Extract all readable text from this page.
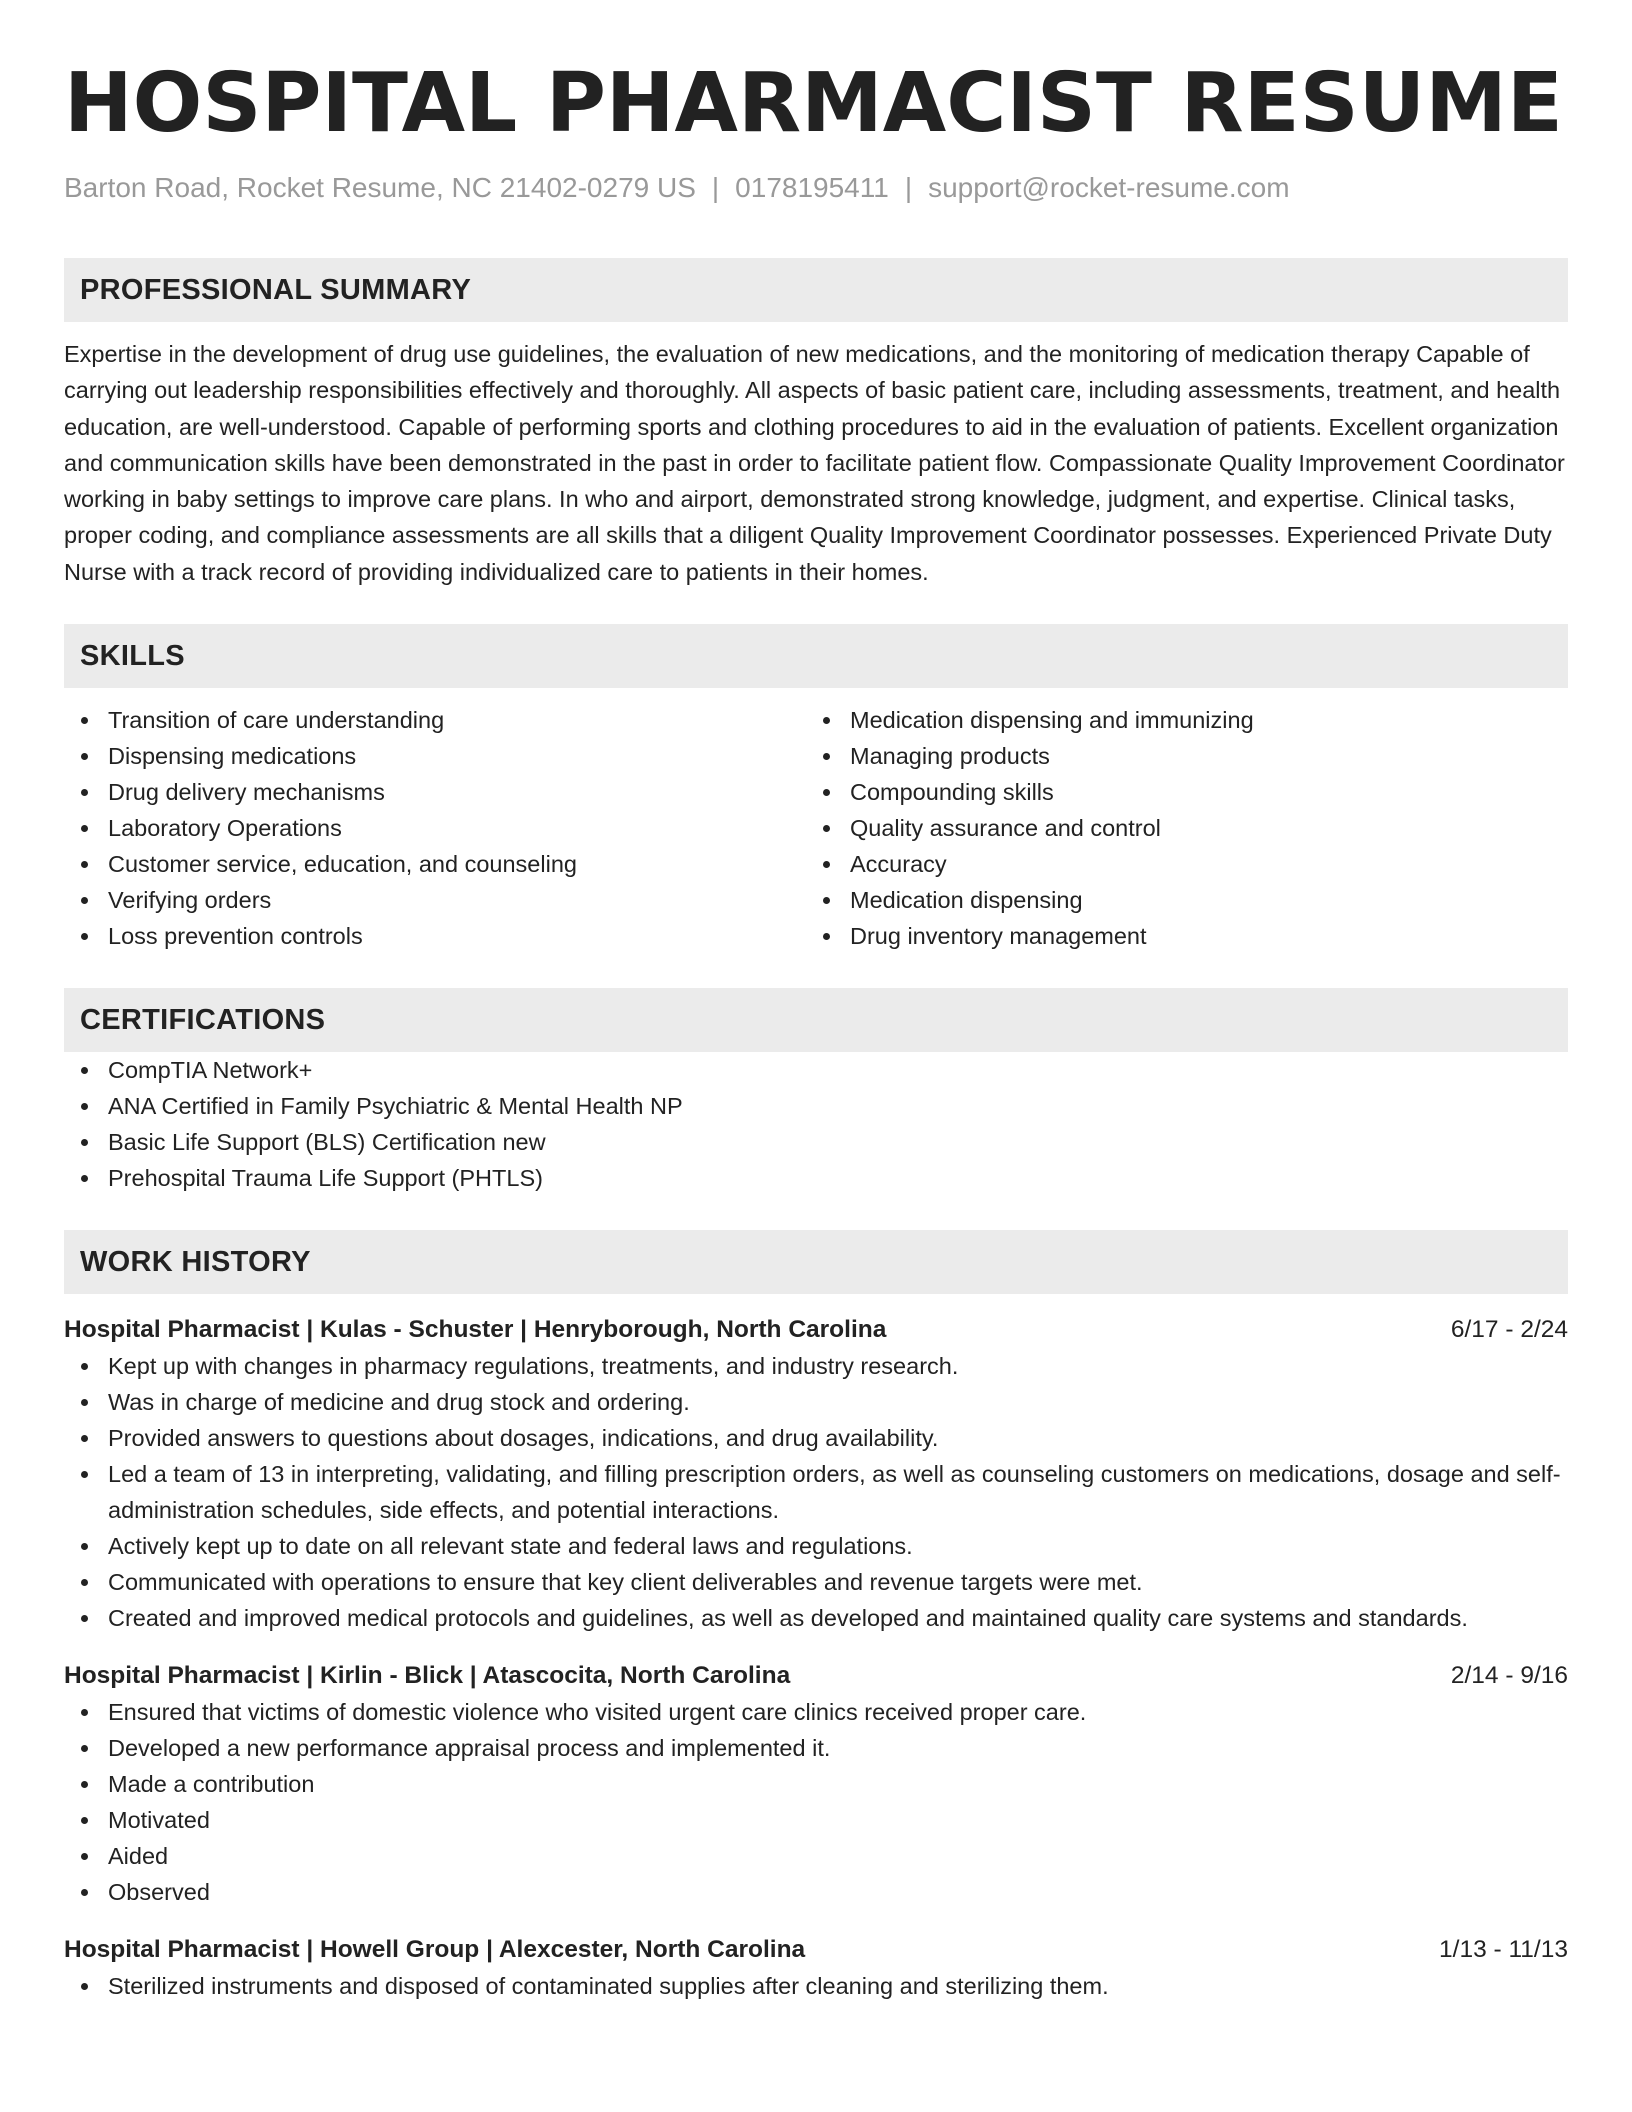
HOSPITAL PHARMACIST RESUME
Barton Road, Rocket Resume, NC 21402-0279 US | 0178195411 | support@rocket-resume.com
PROFESSIONAL SUMMARY

Expertise in the development of drug use guidelines, the evaluation of new medications, and the monitoring of medication therapy Capable of carrying out leadership responsibilities effectively and thoroughly. All aspects of basic patient care, including assessments, treatment, and health education, are well-understood. Capable of performing sports and clothing procedures to aid in the evaluation of patients. Excellent organization and communication skills have been demonstrated in the past in order to facilitate patient flow. Compassionate Quality Improvement Coordinator working in baby settings to improve care plans. In who and airport, demonstrated strong knowledge, judgment, and expertise. Clinical tasks, proper coding, and compliance assessments are all skills that a diligent Quality Improvement Coordinator possesses. Experienced Private Duty Nurse with a track record of providing individualized care to patients in their homes.

SKILLS
Transition of care understanding
Dispensing medications
Drug delivery mechanisms
Laboratory Operations
Customer service, education, and counseling
Verifying orders
Loss prevention controls
Medication dispensing and immunizing
Managing products
Compounding skills
Quality assurance and control
Accuracy
Medication dispensing
Drug inventory management
CERTIFICATIONS
CompTIA Network+
ANA Certified in Family Psychiatric & Mental Health NP
Basic Life Support (BLS) Certification new
Prehospital Trauma Life Support (PHTLS)
WORK HISTORY
Hospital Pharmacist | Kulas - Schuster | Henryborough, North Carolina	6/17 - 2/24
Kept up with changes in pharmacy regulations, treatments, and industry research.
Was in charge of medicine and drug stock and ordering.
Provided answers to questions about dosages, indications, and drug availability.
Led a team of 13 in interpreting, validating, and filling prescription orders, as well as counseling customers on medications, dosage and self-administration schedules, side effects, and potential interactions.
Actively kept up to date on all relevant state and federal laws and regulations.
Communicated with operations to ensure that key client deliverables and revenue targets were met.
Created and improved medical protocols and guidelines, as well as developed and maintained quality care systems and standards.
Hospital Pharmacist | Kirlin - Blick | Atascocita, North Carolina	2/14 - 9/16
Ensured that victims of domestic violence who visited urgent care clinics received proper care.
Developed a new performance appraisal process and implemented it.
Made a contribution
Motivated
Aided
Observed
Hospital Pharmacist | Howell Group | Alexcester, North Carolina	1/13 - 11/13
Sterilized instruments and disposed of contaminated supplies after cleaning and sterilizing them.
